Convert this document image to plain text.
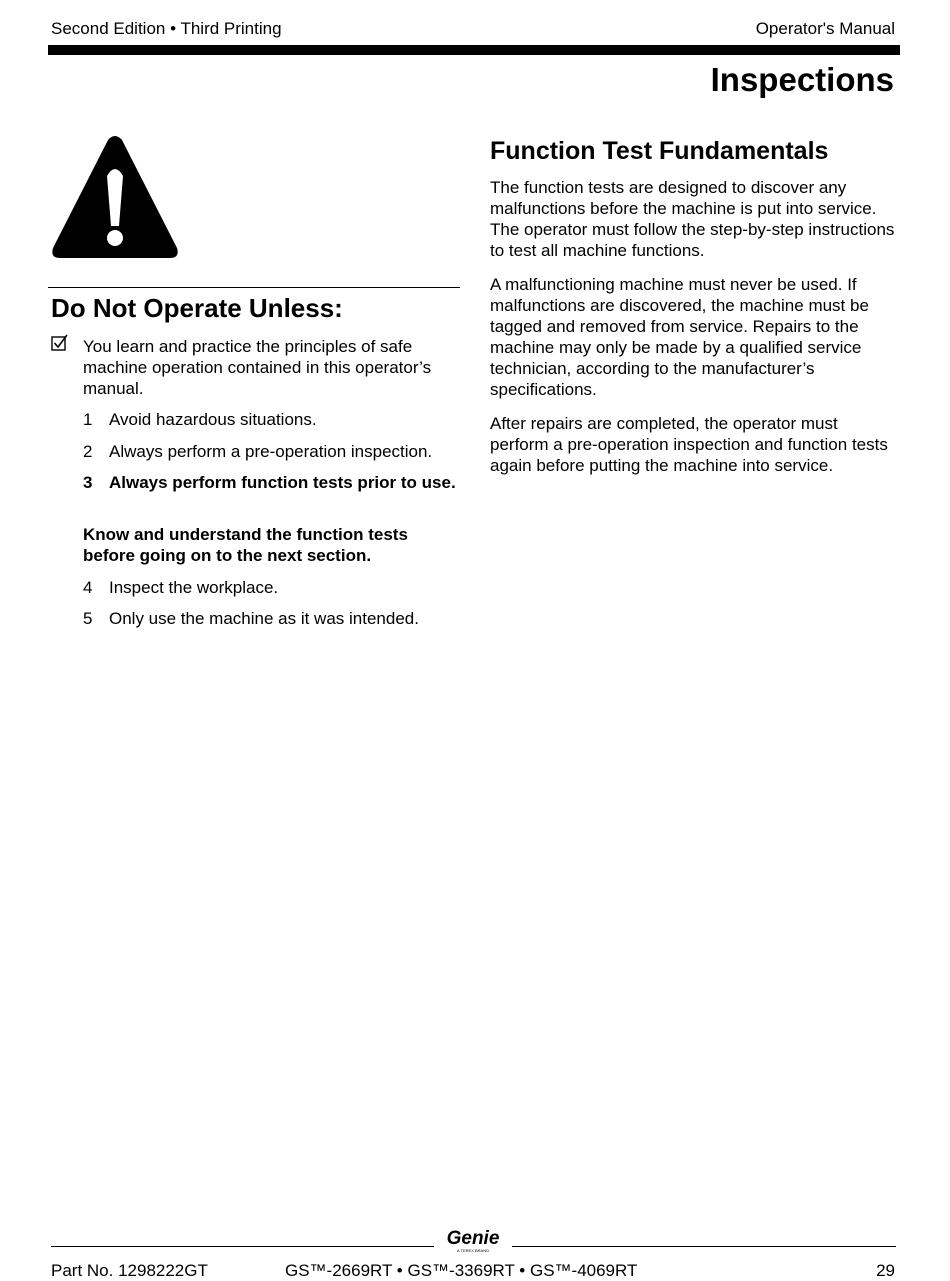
Second Edition • Third Printing	Operator's Manual
Inspections
Do Not Operate Unless:
You learn and practice the principles of safe machine operation contained in this operator’s manual.
1 Avoid hazardous situations.
2 Always perform a pre-operation inspection.
3 Always perform function tests prior to use.
Know and understand the function tests before going on to the next section.
4 Inspect the workplace.
5 Only use the machine as it was intended.
Function Test Fundamentals
The function tests are designed to discover any malfunctions before the machine is put into service. The operator must follow the step-by-step instructions to test all machine functions.
A malfunctioning machine must never be used. If malfunctions are discovered, the machine must be tagged and removed from service. Repairs to the machine may only be made by a qualified service technician, according to the manufacturer’s specifications.
After repairs are completed, the operator must perform a pre-operation inspection and function tests again before putting the machine into service.
Genie
A TEREX BRAND
Part No. 1298222GT	GS™-2669RT • GS™-3369RT • GS™-4069RT	29
